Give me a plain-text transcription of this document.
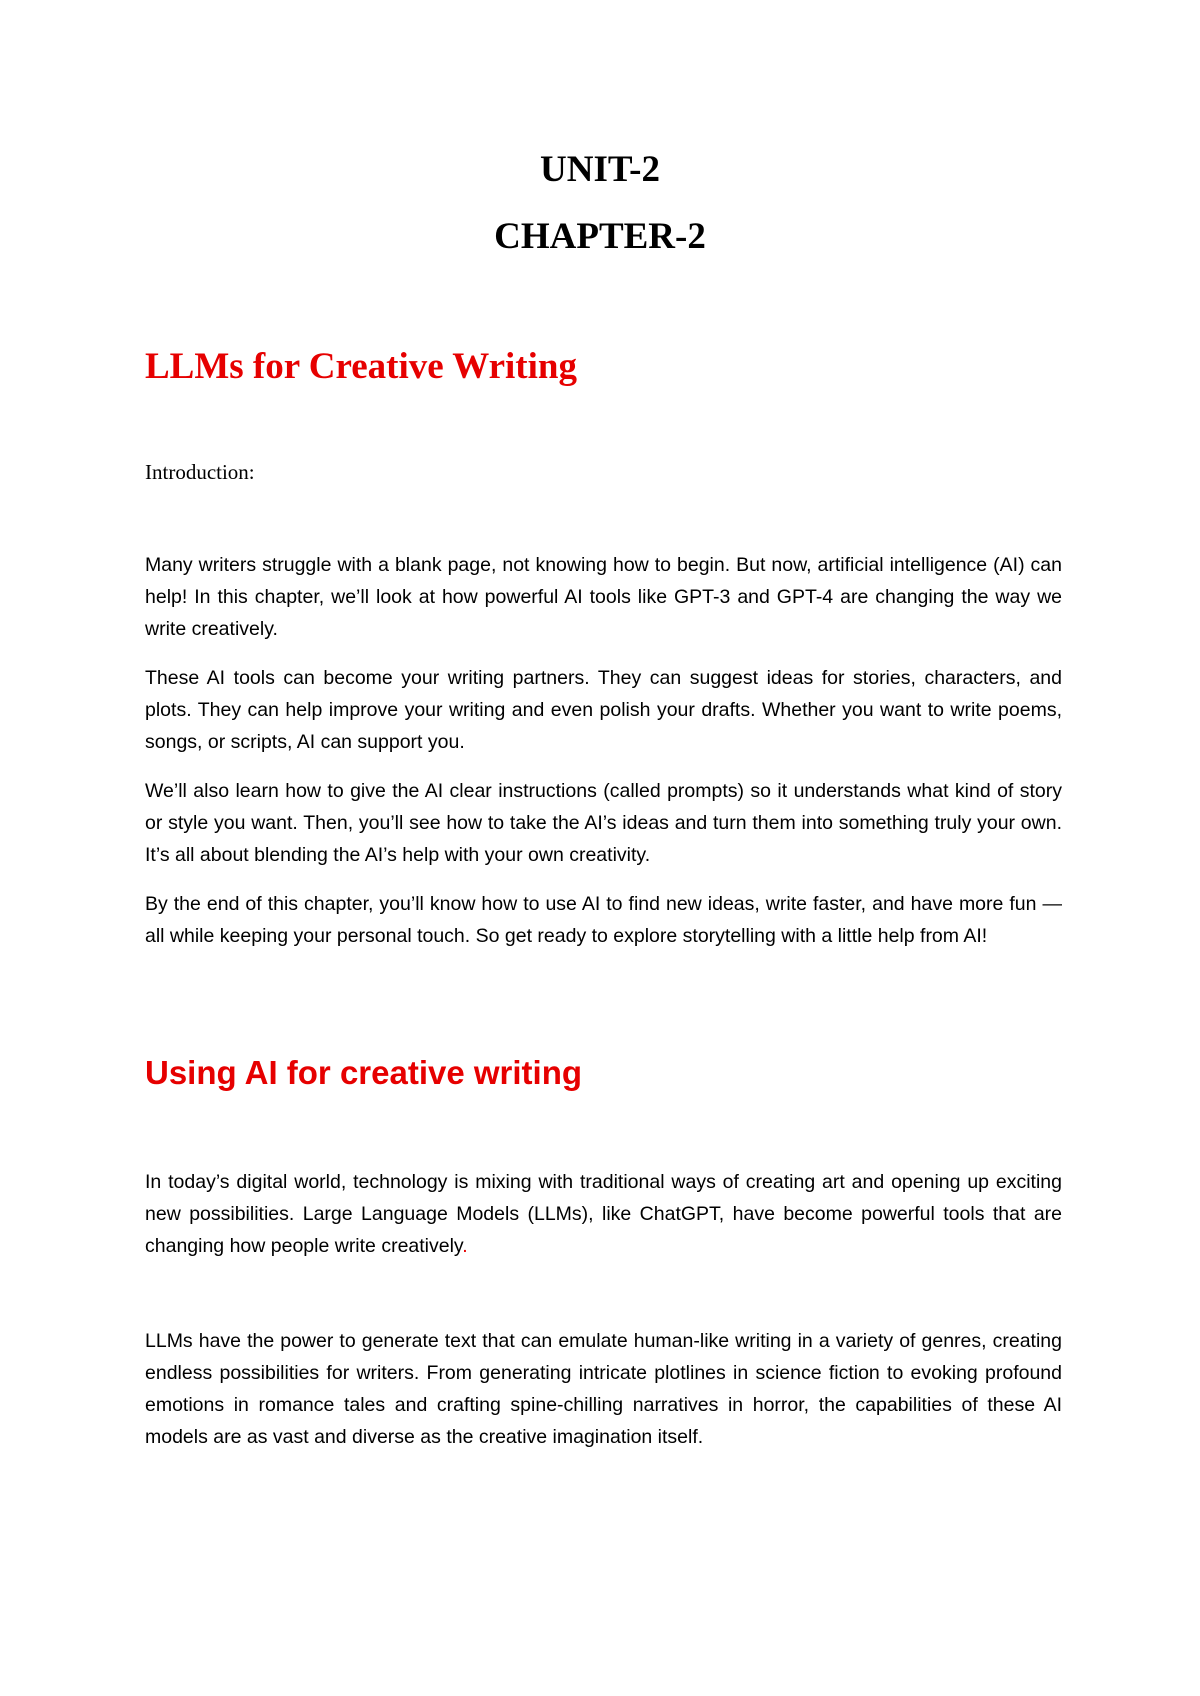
UNIT-2
CHAPTER-2
LLMs for Creative Writing

Introduction:

Many writers struggle with a blank page, not knowing how to begin. But now, artificial intelligence (AI) can help! In this chapter, we’ll look at how powerful AI tools like GPT-3 and GPT-4 are changing the way we write creatively.

These AI tools can become your writing partners. They can suggest ideas for stories, characters, and plots. They can help improve your writing and even polish your drafts. Whether you want to write poems, songs, or scripts, AI can support you.

We’ll also learn how to give the AI clear instructions (called prompts) so it understands what kind of story or style you want. Then, you’ll see how to take the AI’s ideas and turn them into something truly your own. It’s all about blending the AI’s help with your own creativity.

By the end of this chapter, you’ll know how to use AI to find new ideas, write faster, and have more fun — all while keeping your personal touch. So get ready to explore storytelling with a little help from AI!

Using AI for creative writing

In today’s digital world, technology is mixing with traditional ways of creating art and opening up exciting new possibilities. Large Language Models (LLMs), like ChatGPT, have become powerful tools that are changing how people write creatively.

LLMs have the power to generate text that can emulate human-like writing in a variety of genres, creating endless possibilities for writers. From generating intricate plotlines in science fiction to evoking profound emotions in romance tales and crafting spine-chilling narratives in horror, the capabilities of these AI models are as vast and diverse as the creative imagination itself.
